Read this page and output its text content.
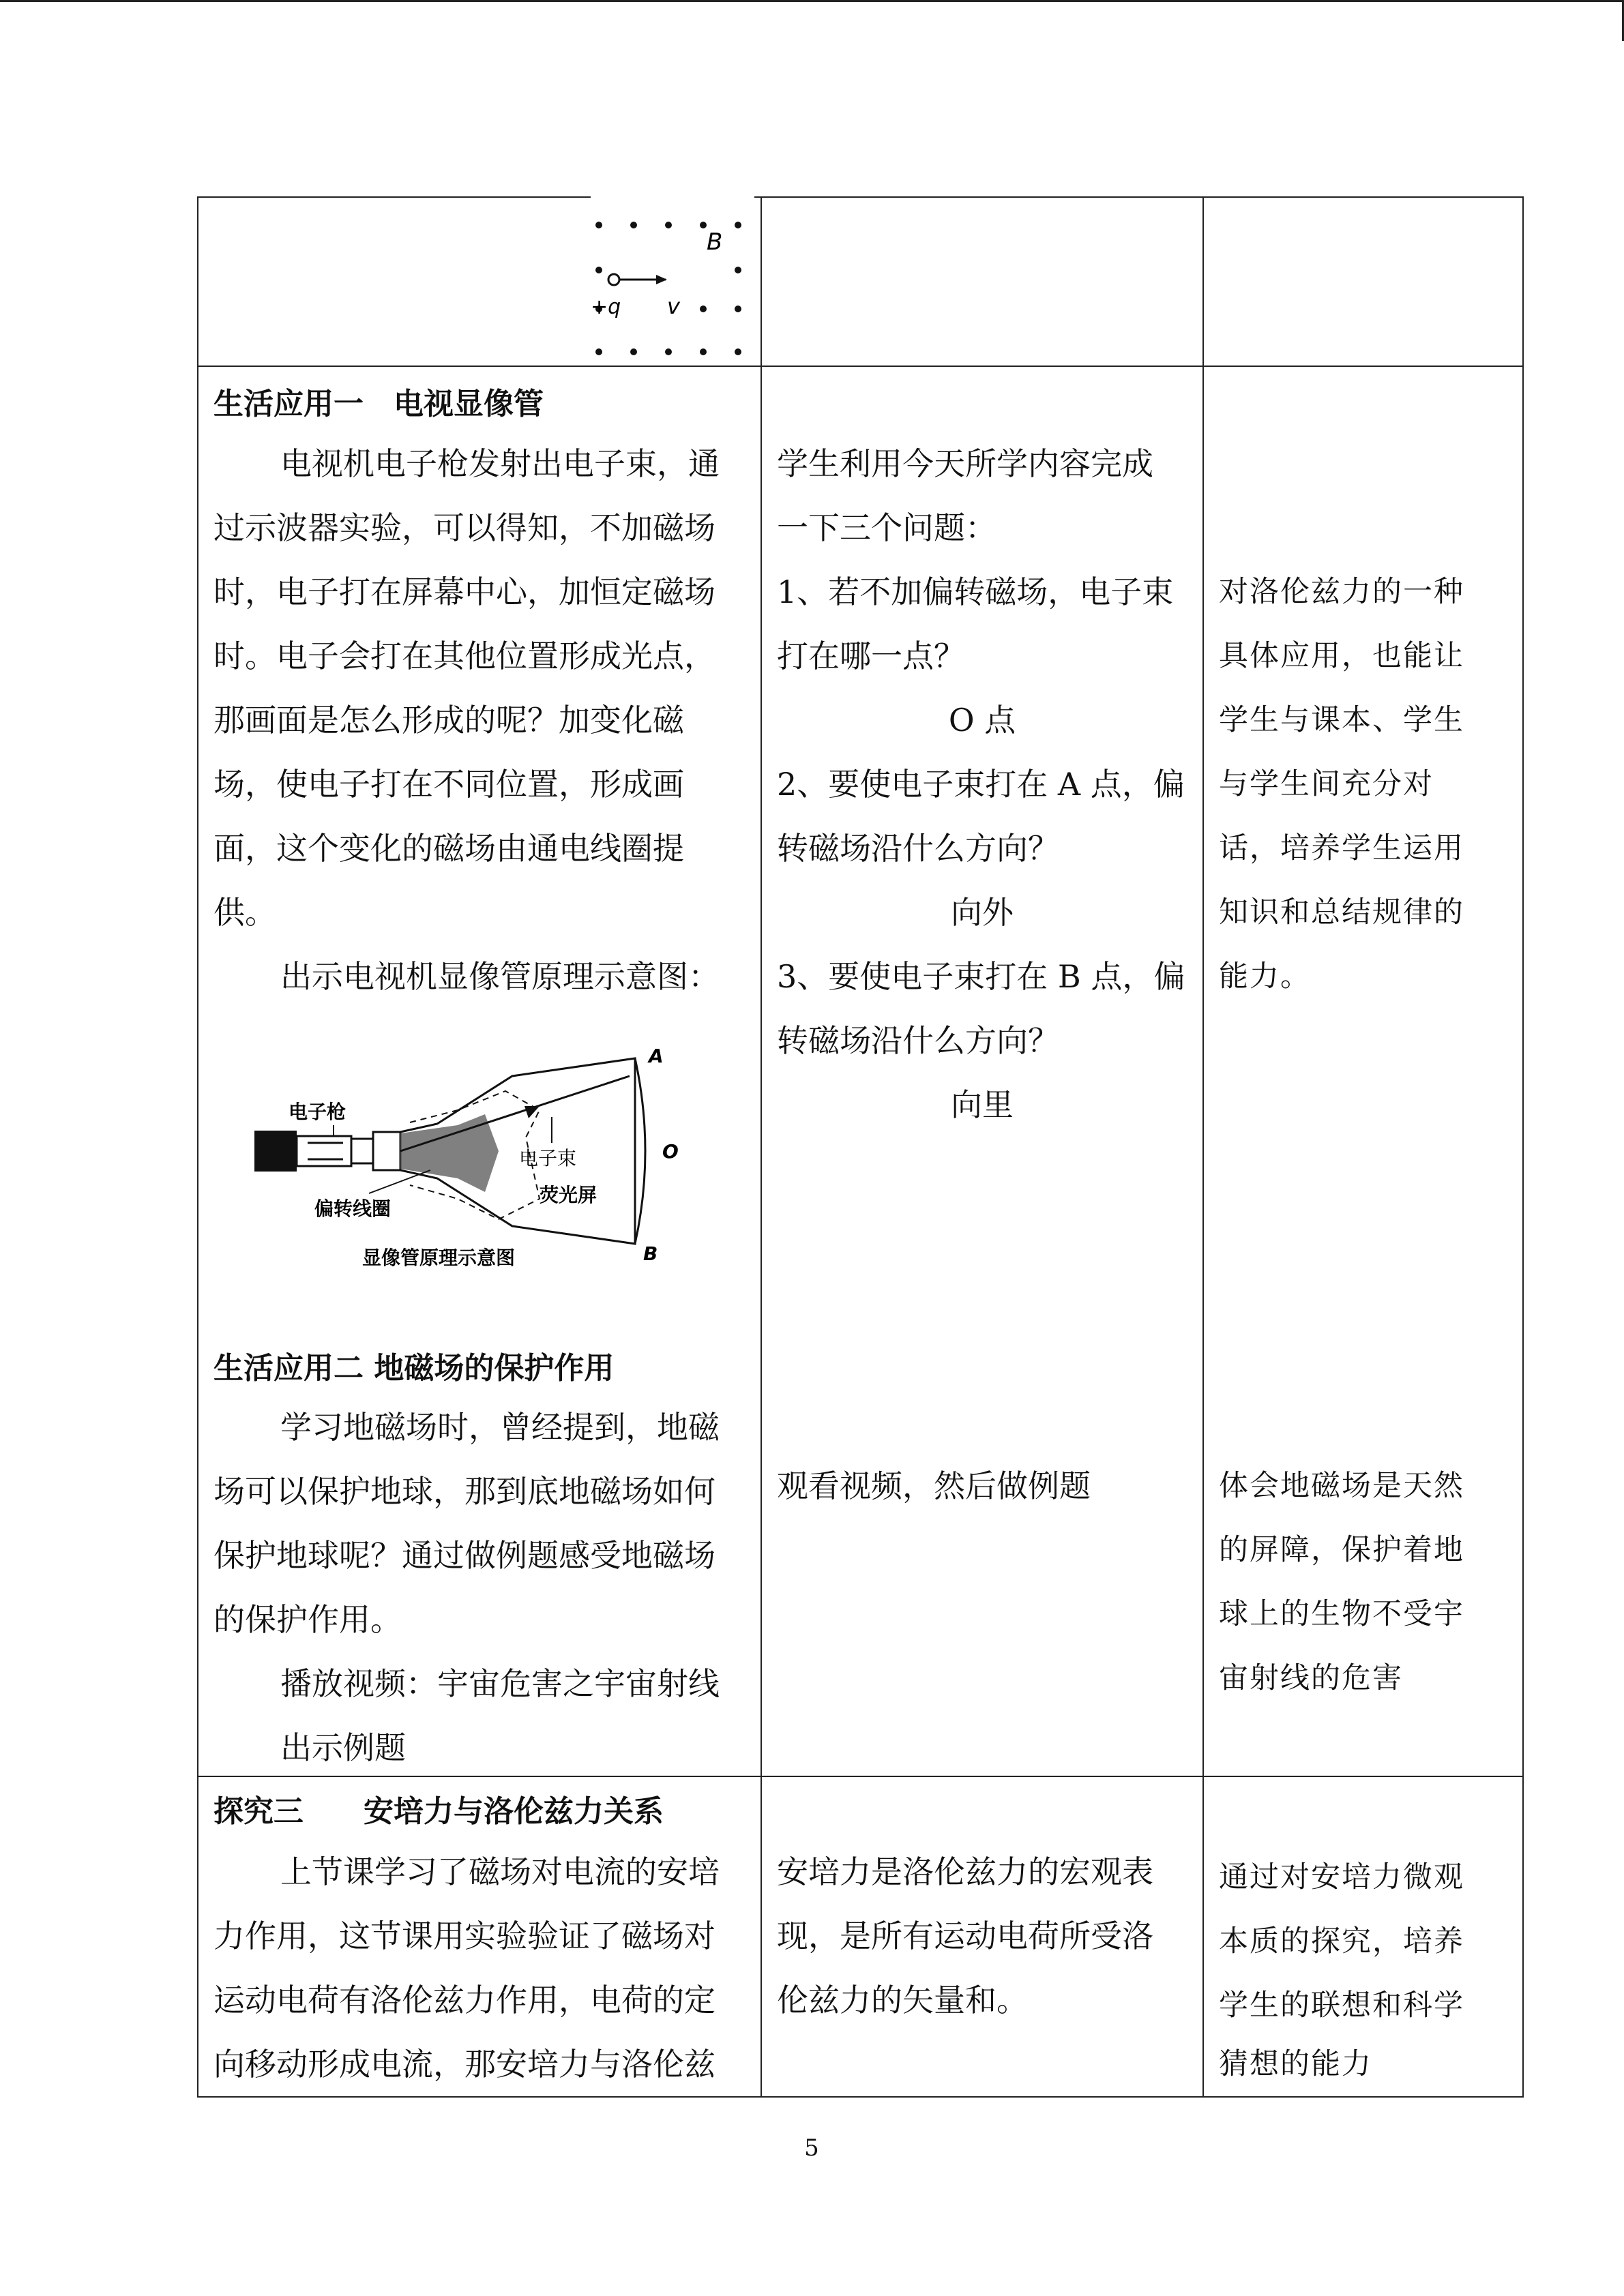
B
+q v
生活应用一　电视显像管
电视机电子枪发射出电子束，通
过示波器实验，可以得知，不加磁场
时，电子打在屏幕中心，加恒定磁场
时。电子会打在其他位置形成光点，
那画面是怎么形成的呢？加变化磁
场，使电子打在不同位置，形成画
面，这个变化的磁场由通电线圈提
供。
出示电视机显像管原理示意图：
电子枪
电子束
荧光屏
偏转线圈
A
O
B
显像管原理示意图
生活应用二 地磁场的保护作用
学习地磁场时，曾经提到，地磁
场可以保护地球，那到底地磁场如何
保护地球呢？通过做例题感受地磁场
的保护作用。
播放视频：宇宙危害之宇宙射线
出示例题
学生利用今天所学内容完成
一下三个问题：
1、若不加偏转磁场，电子束
打在哪一点？
O 点
2、要使电子束打在 A 点，偏
转磁场沿什么方向？
向外
3、要使电子束打在 B 点，偏
转磁场沿什么方向？
向里
观看视频，然后做例题
对洛伦兹力的一种
具体应用，也能让
学生与课本、学生
与学生间充分对
话，培养学生运用
知识和总结规律的
能力。
体会地磁场是天然
的屏障，保护着地
球上的生物不受宇
宙射线的危害
探究三　　安培力与洛伦兹力关系
上节课学习了磁场对电流的安培
力作用，这节课用实验验证了磁场对
运动电荷有洛伦兹力作用，电荷的定
向移动形成电流，那安培力与洛伦兹
安培力是洛伦兹力的宏观表
现，是所有运动电荷所受洛
伦兹力的矢量和。
通过对安培力微观
本质的探究，培养
学生的联想和科学
猜想的能力
5
